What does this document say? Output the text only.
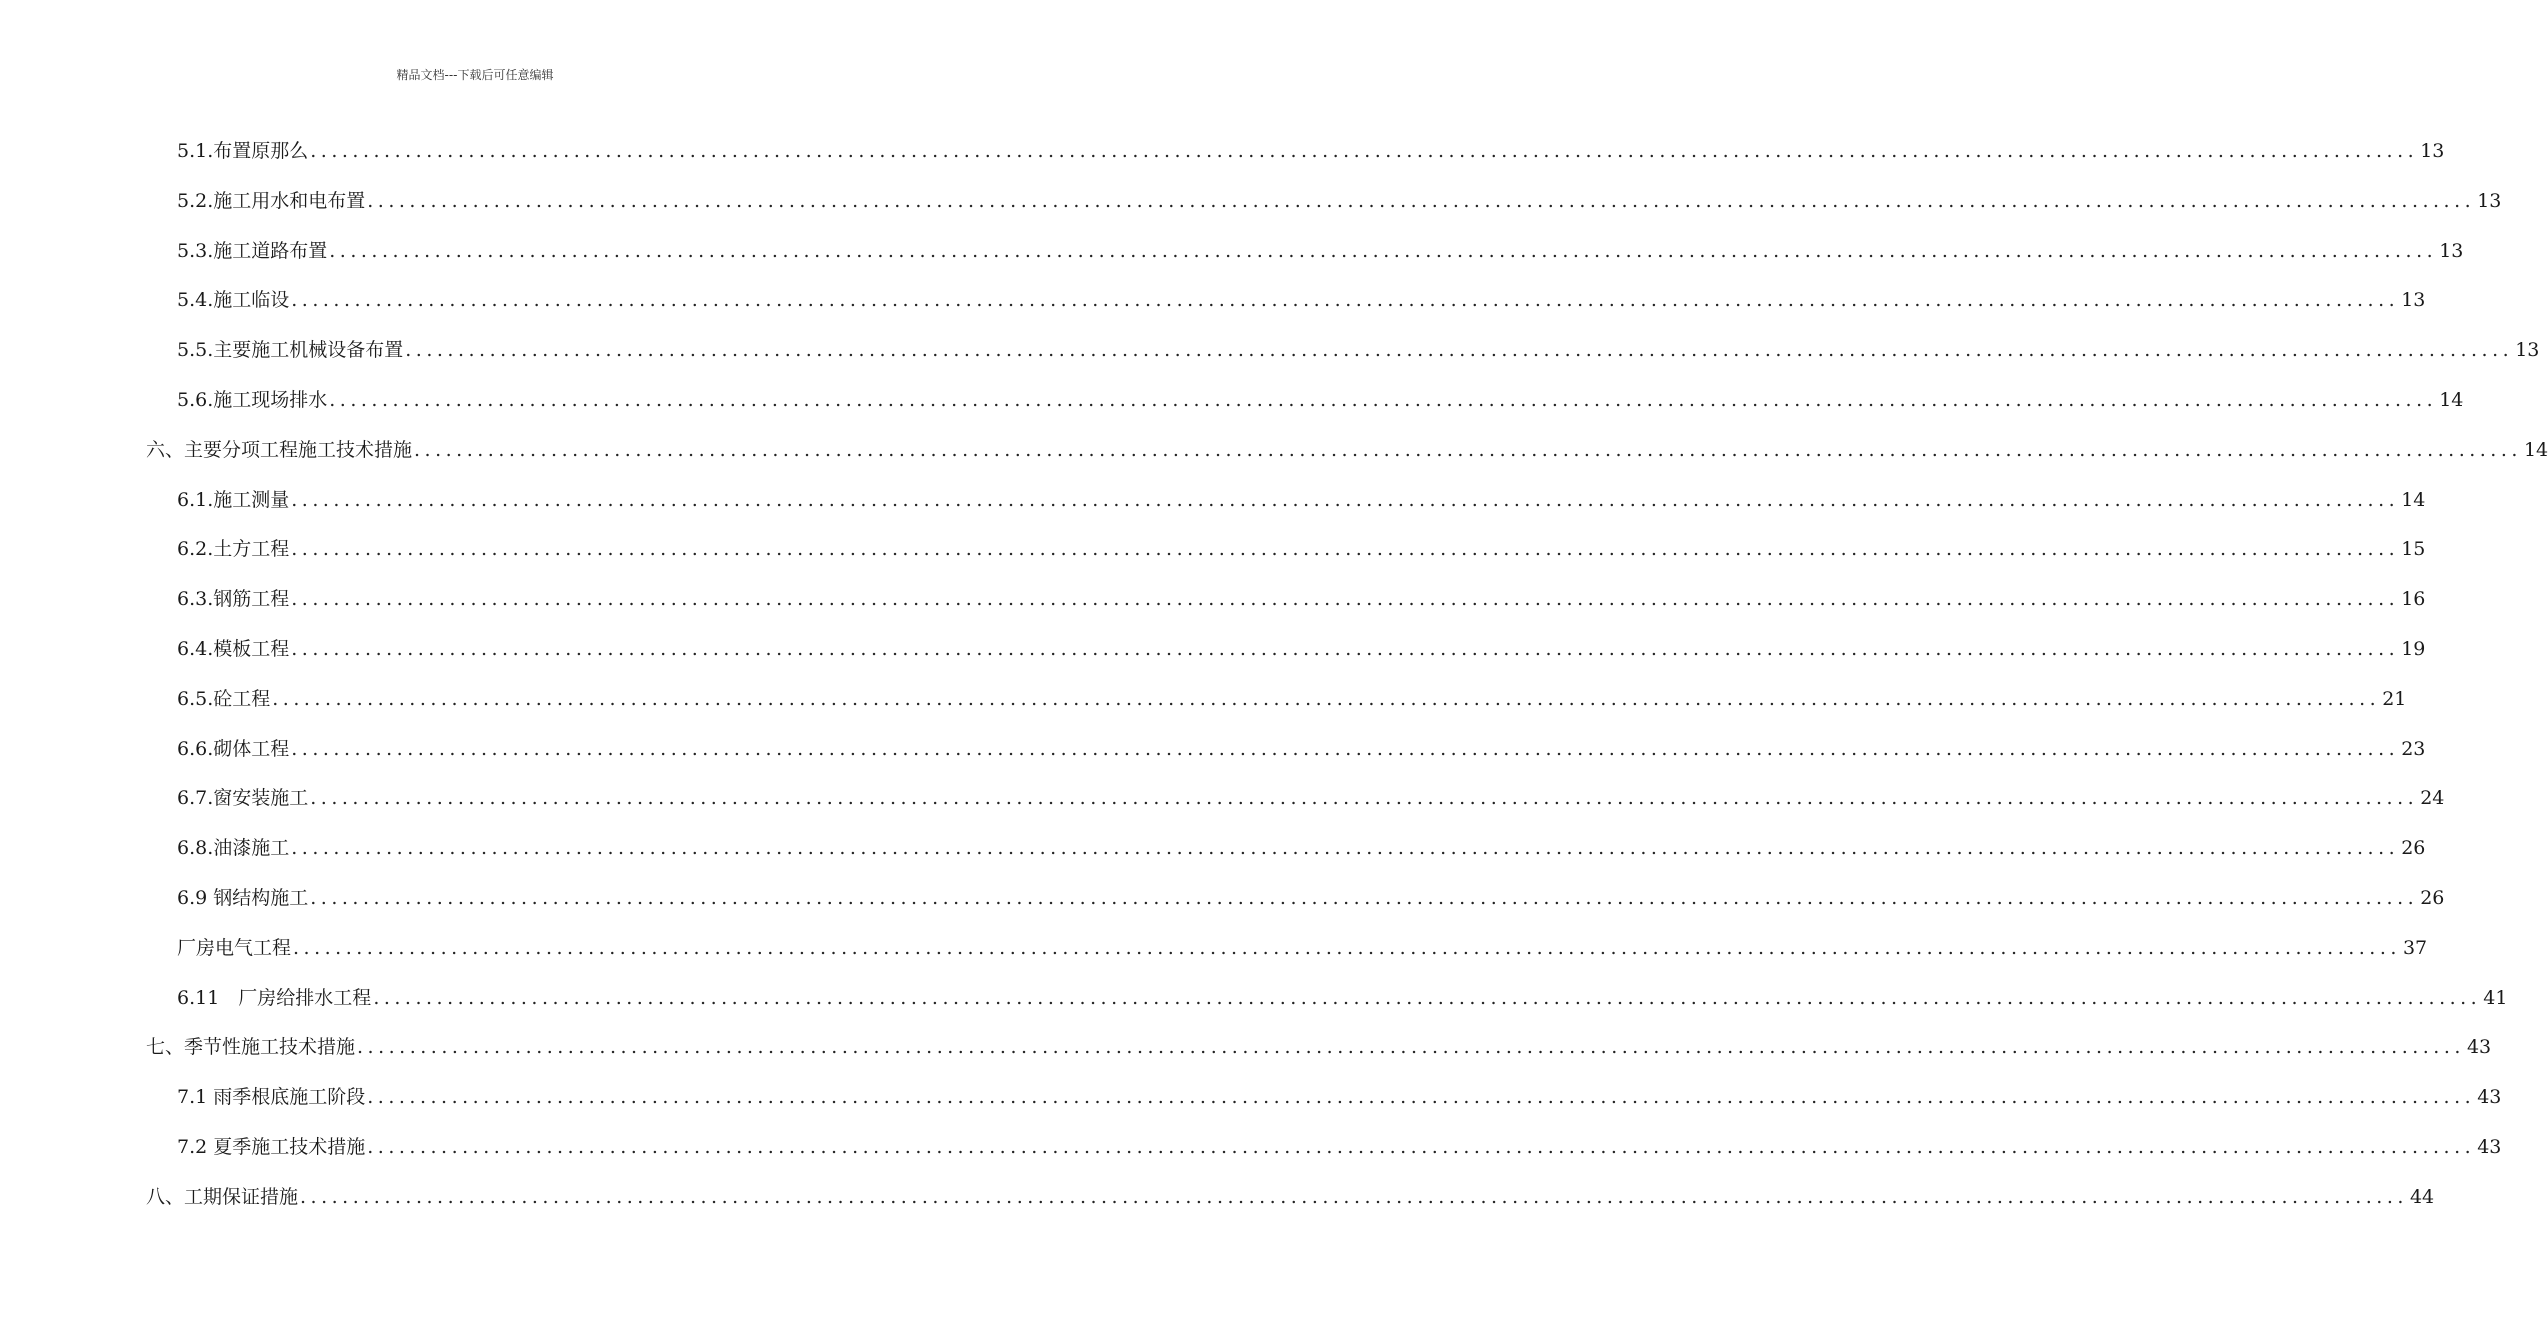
精品文档---下载后可任意编辑
5.1.布置原那么 ........................................................................................................................................................................................................ 13
5.2.施工用水和电布置 ........................................................................................................................................................................................................ 13
5.3.施工道路布置 ........................................................................................................................................................................................................ 13
5.4.施工临设 ........................................................................................................................................................................................................ 13
5.5.主要施工机械设备布置 ........................................................................................................................................................................................................ 13
5.6.施工现场排水 ........................................................................................................................................................................................................ 14
六、主要分项工程施工技术措施 ........................................................................................................................................................................................................ 14
6.1.施工测量 ........................................................................................................................................................................................................ 14
6.2.土方工程 ........................................................................................................................................................................................................ 15
6.3.钢筋工程 ........................................................................................................................................................................................................ 16
6.4.模板工程 ........................................................................................................................................................................................................ 19
6.5.砼工程 ........................................................................................................................................................................................................ 21
6.6.砌体工程 ........................................................................................................................................................................................................ 23
6.7.窗安装施工 ........................................................................................................................................................................................................ 24
6.8.油漆施工 ........................................................................................................................................................................................................ 26
6.9 钢结构施工 ........................................................................................................................................................................................................ 26
厂房电气工程 ........................................................................................................................................................................................................ 37
6.11　厂房给排水工程 ........................................................................................................................................................................................................ 41
七、季节性施工技术措施 ........................................................................................................................................................................................................ 43
7.1 雨季根底施工阶段 ........................................................................................................................................................................................................ 43
7.2 夏季施工技术措施 ........................................................................................................................................................................................................ 43
八、工期保证措施 ........................................................................................................................................................................................................ 44
